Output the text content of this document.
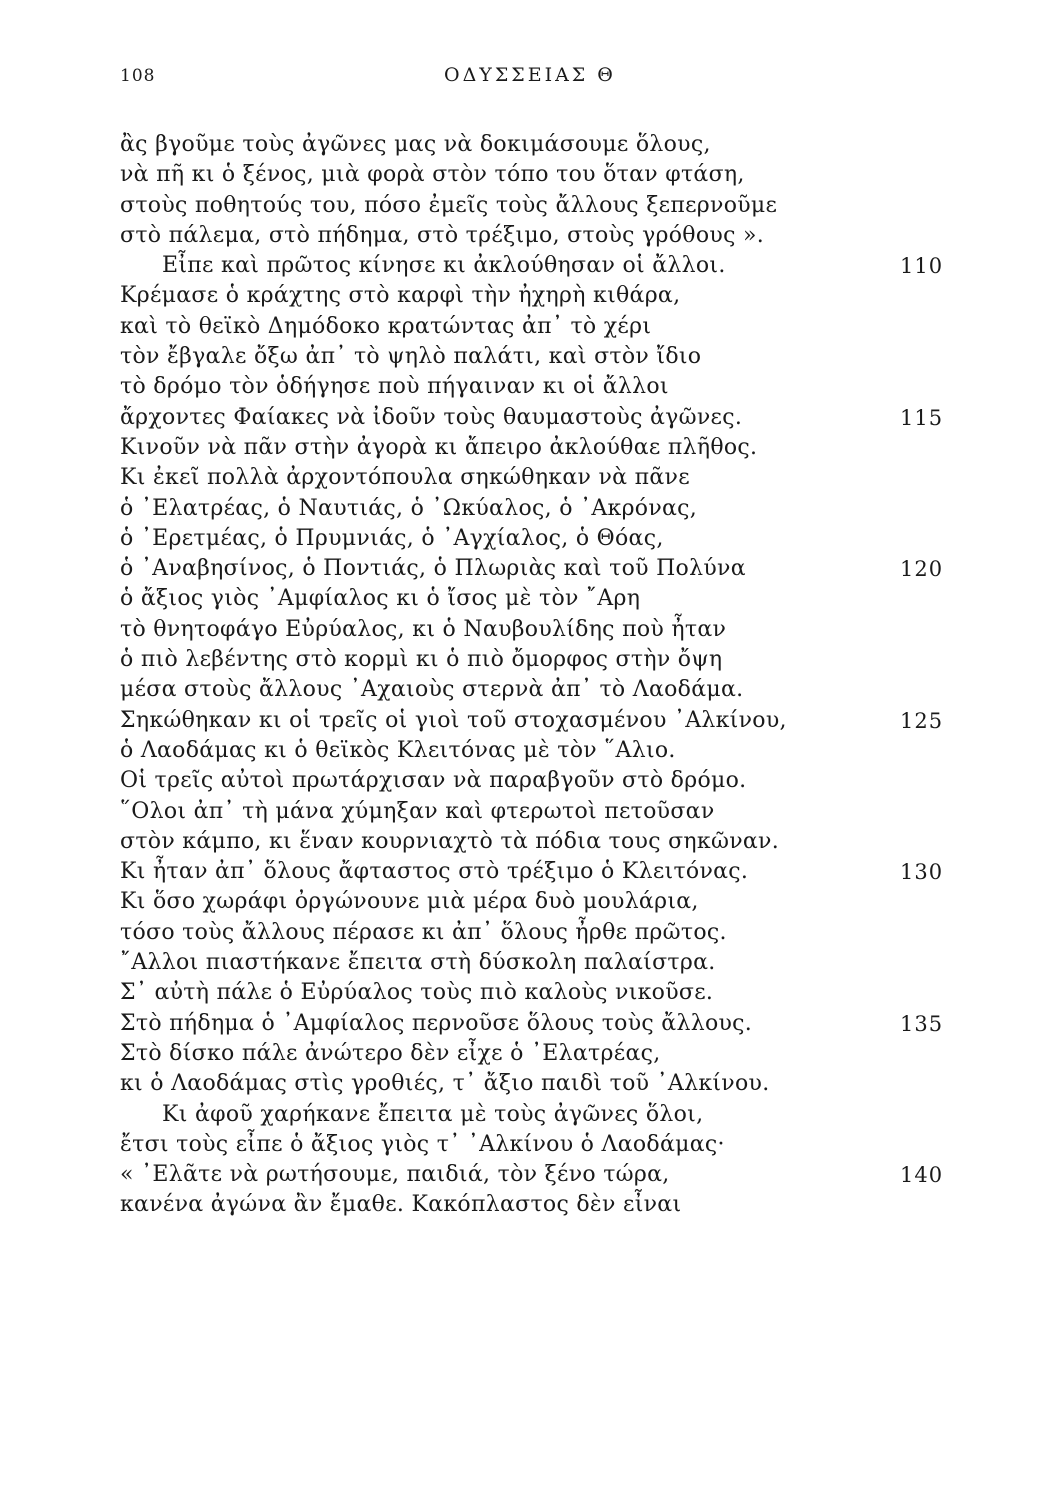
108	ΟΔΥΣΣΕΙΑΣ Θ
ἂς βγοῦμε τοὺς ἀγῶνες μας νὰ δοκιμάσουμε ὅλους,
νὰ πῆ κι ὁ ξένος, μιὰ φορὰ στὸν τόπο του ὅταν φτάση,
στοὺς ποθητούς του, πόσο ἐμεῖς τοὺς ἄλλους ξεπερνοῦμε
στὸ πάλεμα, στὸ πήδημα, στὸ τρέξιμο, στοὺς γρόθους ».
Εἶπε καὶ πρῶτος κίνησε κι ἀκλούθησαν οἱ ἄλλοι.	110
Κρέμασε ὁ κράχτης στὸ καρφὶ τὴν ἠχηρὴ κιθάρα,
καὶ τὸ θεϊκὸ Δημόδοκο κρατώντας ἀπ᾽ τὸ χέρι
τὸν ἔβγαλε ὄξω ἀπ᾽ τὸ ψηλὸ παλάτι, καὶ στὸν ἴδιο
τὸ δρόμο τὸν ὁδήγησε ποὺ πήγαιναν κι οἱ ἄλλοι
ἄρχοντες Φαίακες νὰ ἰδοῦν τοὺς θαυμαστοὺς ἀγῶνες.	115
Κινοῦν νὰ πᾶν στὴν ἀγορὰ κι ἄπειρο ἀκλούθαε πλῆθος.
Κι ἐκεῖ πολλὰ ἀρχοντόπουλα σηκώθηκαν νὰ πᾶνε
ὁ ᾽Ελατρέας, ὁ Ναυτιάς, ὁ ᾽Ωκύαλος, ὁ ᾽Ακρόνας,
ὁ ᾽Ερετμέας, ὁ Πρυμνιάς, ὁ ᾽Αγχίαλος, ὁ Θόας,
ὁ ᾽Αναβησίνος, ὁ Ποντιάς, ὁ Πλωριὰς καὶ τοῦ Πολύνα	120
ὁ ἄξιος γιὸς ᾽Αμφίαλος κι ὁ ἴσος μὲ τὸν ῎Αρη
τὸ θνητοφάγο Εὐρύαλος, κι ὁ Ναυβουλίδης ποὺ ἦταν
ὁ πιὸ λεβέντης στὸ κορμὶ κι ὁ πιὸ ὄμορφος στὴν ὄψη
μέσα στοὺς ἄλλους ᾽Αχαιοὺς στερνὰ ἀπ᾽ τὸ Λαοδάμα.
Σηκώθηκαν κι οἱ τρεῖς οἱ γιοὶ τοῦ στοχασμένου ᾽Αλκίνου,	125
ὁ Λαοδάμας κι ὁ θεϊκὸς Κλειτόνας μὲ τὸν ῞Αλιο.
Οἱ τρεῖς αὐτοὶ πρωτάρχισαν νὰ παραβγοῦν στὸ δρόμο.
῞Ολοι ἀπ᾽ τὴ μάνα χύμηξαν καὶ φτερωτοὶ πετοῦσαν
στὸν κάμπο, κι ἕναν κουρνιαχτὸ τὰ πόδια τους σηκῶναν.
Κι ἦταν ἀπ᾽ ὅλους ἄφταστος στὸ τρέξιμο ὁ Κλειτόνας.	130
Κι ὅσο χωράφι ὀργώνουνε μιὰ μέρα δυὸ μουλάρια,
τόσο τοὺς ἄλλους πέρασε κι ἀπ᾽ ὅλους ἦρθε πρῶτος.
῎Αλλοι πιαστήκανε ἔπειτα στὴ δύσκολη παλαίστρα.
Σ᾽ αὐτὴ πάλε ὁ Εὐρύαλος τοὺς πιὸ καλοὺς νικοῦσε.
Στὸ πήδημα ὁ ᾽Αμφίαλος περνοῦσε ὅλους τοὺς ἄλλους.	135
Στὸ δίσκο πάλε ἀνώτερο δὲν εἶχε ὁ ᾽Ελατρέας,
κι ὁ Λαοδάμας στὶς γροθιές, τ᾽ ἄξιο παιδὶ τοῦ ᾽Αλκίνου.
Κι ἀφοῦ χαρήκανε ἔπειτα μὲ τοὺς ἀγῶνες ὅλοι,
ἔτσι τοὺς εἶπε ὁ ἄξιος γιὸς τ᾽ ᾽Αλκίνου ὁ Λαοδάμας·
« ᾽Ελᾶτε νὰ ρωτήσουμε, παιδιά, τὸν ξένο τώρα,	140
κανένα ἀγώνα ἂν ἔμαθε. Κακόπλαστος δὲν εἶναι
